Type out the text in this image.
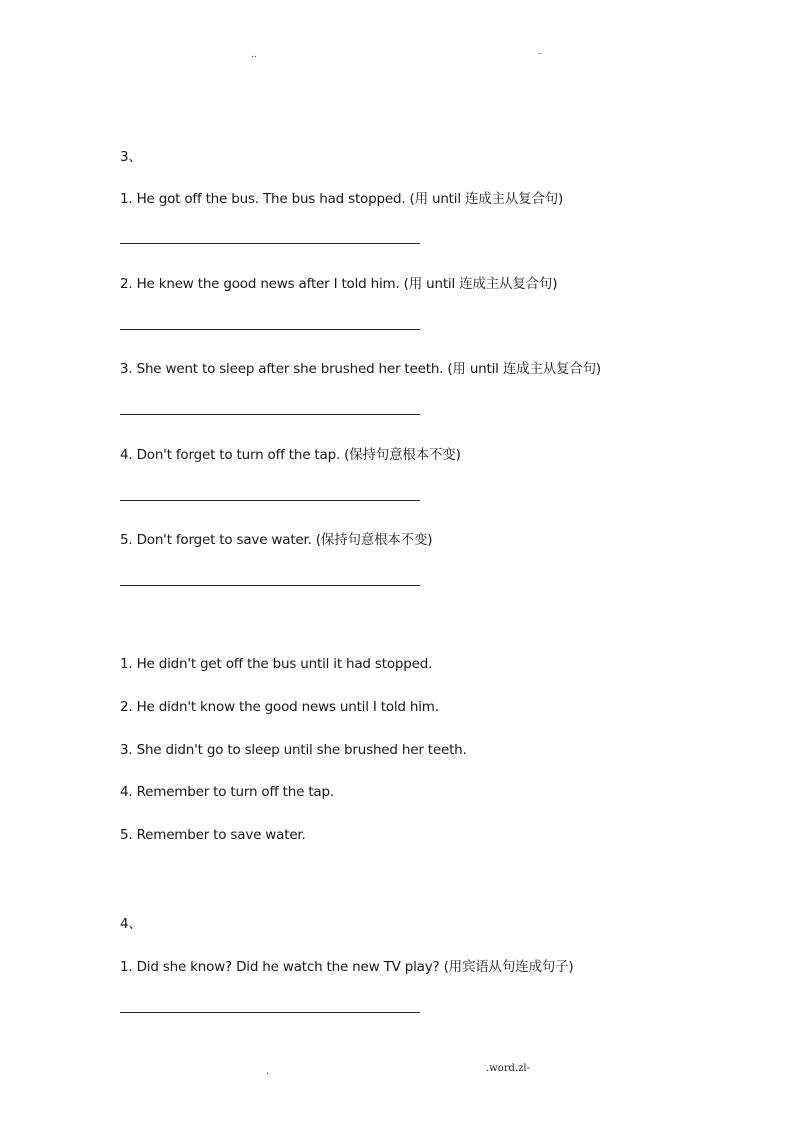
..	-
3、
1. He got off the bus. The bus had stopped. (用 until 连成主从复合句)
2. He knew the good news after I told him. (用 until 连成主从复合句)
3. She went to sleep after she brushed her teeth. (用 until 连成主从复合句)
4. Don't forget to turn off the tap. (保持句意根本不变)
5. Don't forget to save water. (保持句意根本不变)
1. He didn't get off the bus until it had stopped.
2. He didn't know the good news until I told him.
3. She didn't go to sleep until she brushed her teeth.
4. Remember to turn off the tap.
5. Remember to save water.
4、
1. Did she know? Did he watch the new TV play? (用宾语从句连成句子)
.	.word.zl-
